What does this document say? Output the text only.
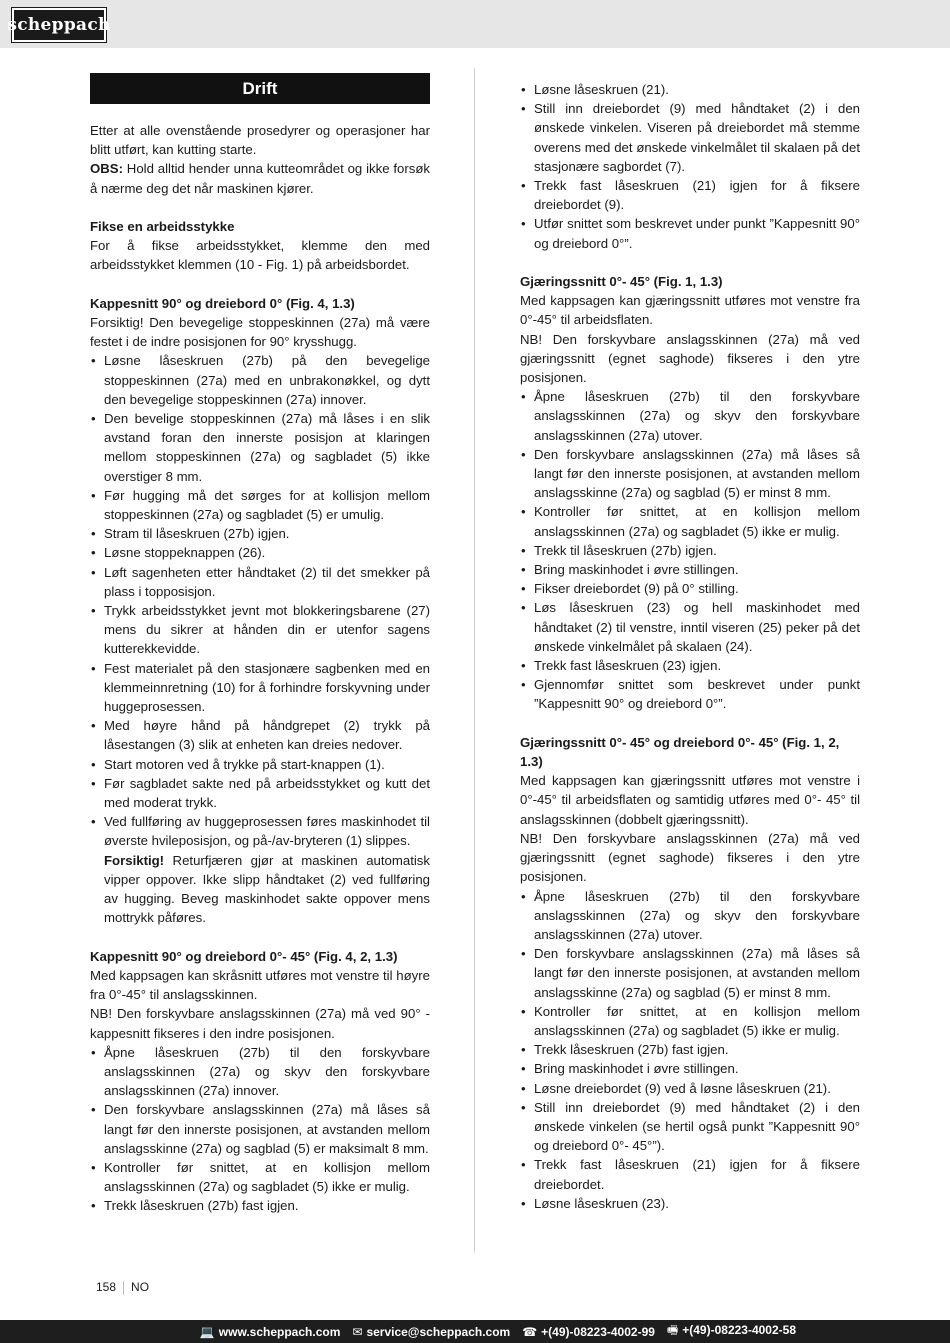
scheppach
Drift

Etter at alle ovenstående prosedyrer og operasjoner har blitt utført, kan kutting starte.

OBS: Hold alltid hender unna kutteområdet og ikke forsøk å nærme deg det når maskinen kjører.

Fikse en arbeidsstykke

For å fikse arbeidsstykket, klemme den med arbeidsstykket klemmen (10 - Fig. 1) på arbeidsbordet.

Kappesnitt 90° og dreiebord 0° (Fig. 4, 1.3)

Forsiktig! Den bevegelige stoppeskinnen (27a) må være festet i de indre posisjonen for 90° krysshugg.

• Løsne låseskruen (27b) på den bevegelige stoppeskinnen (27a) med en unbrakonøkkel, og dytt den bevegelige stoppeskinnen (27a) innover.
• Den bevelige stoppeskinnen (27a) må låses i en slik avstand foran den innerste posisjon at klaringen mellom stoppeskinnen (27a) og sagbladet (5) ikke overstiger 8 mm.
• Før hugging må det sørges for at kollisjon mellom stoppeskinnen (27a) og sagbladet (5) er umulig.
• Stram til låseskruen (27b) igjen.
• Løsne stoppeknappen (26).
• Løft sagenheten etter håndtaket (2) til det smekker på plass i topposisjon.
• Trykk arbeidsstykket jevnt mot blokkeringsbarene (27) mens du sikrer at hånden din er utenfor sagens kutterekkevidde.
• Fest materialet på den stasjonære sagbenken med en klemmeinnretning (10) for å forhindre forskyvning under huggeprosessen.
• Med høyre hånd på håndgrepet (2) trykk på låsestangen (3) slik at enheten kan dreies nedover.
• Start motoren ved å trykke på start-knappen (1).
• Før sagbladet sakte ned på arbeidsstykket og kutt det med moderat trykk.
• Ved fullføring av huggeprosessen føres maskinhodet til øverste hvileposisjon, og på-/av-bryteren (1) slippes.

Forsiktig! Returfjæren gjør at maskinen automatisk vipper oppover. Ikke slipp håndtaket (2) ved fullføring av hugging. Beveg maskinhodet sakte oppover mens mottrykk påføres.

Kappesnitt 90° og dreiebord 0°- 45° (Fig. 4, 2, 1.3)

Med kappsagen kan skråsnitt utføres mot venstre til høyre fra 0°-45° til anslagsskinnen.

NB! Den forskyvbare anslagsskinnen (27a) må ved 90° - kappesnitt fikseres i den indre posisjonen.

• Åpne låseskruen (27b) til den forskyvbare anslagsskinnen (27a) og skyv den forskyvbare anslagsskinnen (27a) innover.
• Den forskyvbare anslagsskinnen (27a) må låses så langt før den innerste posisjonen, at avstanden mellom anslagsskinne (27a) og sagblad (5) er maksimalt 8 mm.
• Kontroller før snittet, at en kollisjon mellom anslagsskinnen (27a) og sagbladet (5) ikke er mulig.
• Trekk låseskruen (27b) fast igjen.
• Løsne låseskruen (21).
• Still inn dreiebordet (9) med håndtaket (2) i den ønskede vinkelen. Viseren på dreiebordet må stemme overens med det ønskede vinkelmålet til skalaen på det stasjonære sagbordet (7).
• Trekk fast låseskruen (21) igjen for å fiksere dreiebordet (9).
• Utfør snittet som beskrevet under punkt ”Kappesnitt 90° og dreiebord 0°”.
Gjæringssnitt 0°- 45° (Fig. 1, 1.3)

Med kappsagen kan gjæringssnitt utføres mot venstre fra 0°-45° til arbeidsflaten.

NB! Den forskyvbare anslagsskinnen (27a) må ved gjæringssnitt (egnet saghode) fikseres i den ytre posisjonen.

• Åpne låseskruen (27b) til den forskyvbare anslagsskinnen (27a) og skyv den forskyvbare anslagsskinnen (27a) utover.
• Den forskyvbare anslagsskinnen (27a) må låses så langt før den innerste posisjonen, at avstanden mellom anslagsskinne (27a) og sagblad (5) er minst 8 mm.
• Kontroller før snittet, at en kollisjon mellom anslagsskinnen (27a) og sagbladet (5) ikke er mulig.
• Trekk til låseskruen (27b) igjen.
• Bring maskinhodet i øvre stillingen.
• Fikser dreiebordet (9) på 0° stilling.
• Løs låseskruen (23) og hell maskinhodet med håndtaket (2) til venstre, inntil viseren (25) peker på det ønskede vinkelmålet på skalaen (24).
• Trekk fast låseskruen (23) igjen.
• Gjennomfør snittet som beskrevet under punkt ”Kappesnitt 90° og dreiebord 0°”.
Gjæringssnitt 0°- 45° og dreiebord 0°- 45° (Fig. 1, 2, 1.3)

Med kappsagen kan gjæringssnitt utføres mot venstre i 0°-45° til arbeidsflaten og samtidig utføres med 0°- 45° til anslagsskinnen (dobbelt gjæringssnitt).

NB! Den forskyvbare anslagsskinnen (27a) må ved gjæringssnitt (egnet saghode) fikseres i den ytre posisjonen.

• Åpne låseskruen (27b) til den forskyvbare anslagsskinnen (27a) og skyv den forskyvbare anslagsskinnen (27a) utover.
• Den forskyvbare anslagsskinnen (27a) må låses så langt før den innerste posisjonen, at avstanden mellom anslagsskinne (27a) og sagblad (5) er minst 8 mm.
• Kontroller før snittet, at en kollisjon mellom anslagsskinnen (27a) og sagbladet (5) ikke er mulig.
• Trekk låseskruen (27b) fast igjen.
• Bring maskinhodet i øvre stillingen.
• Løsne dreiebordet (9) ved å løsne låseskruen (21).
• Still inn dreiebordet (9) med håndtaket (2) i den ønskede vinkelen (se hertil også punkt ”Kappesnitt 90° og dreiebord 0°- 45°”).
• Trekk fast låseskruen (21) igjen for å fiksere dreiebordet.
• Løsne låseskruen (23).
158 NO
💻 www.scheppach.com ✉ service@scheppach.com ☎ +(49)-08223-4002-99 🖷 +(49)-08223-4002-58
